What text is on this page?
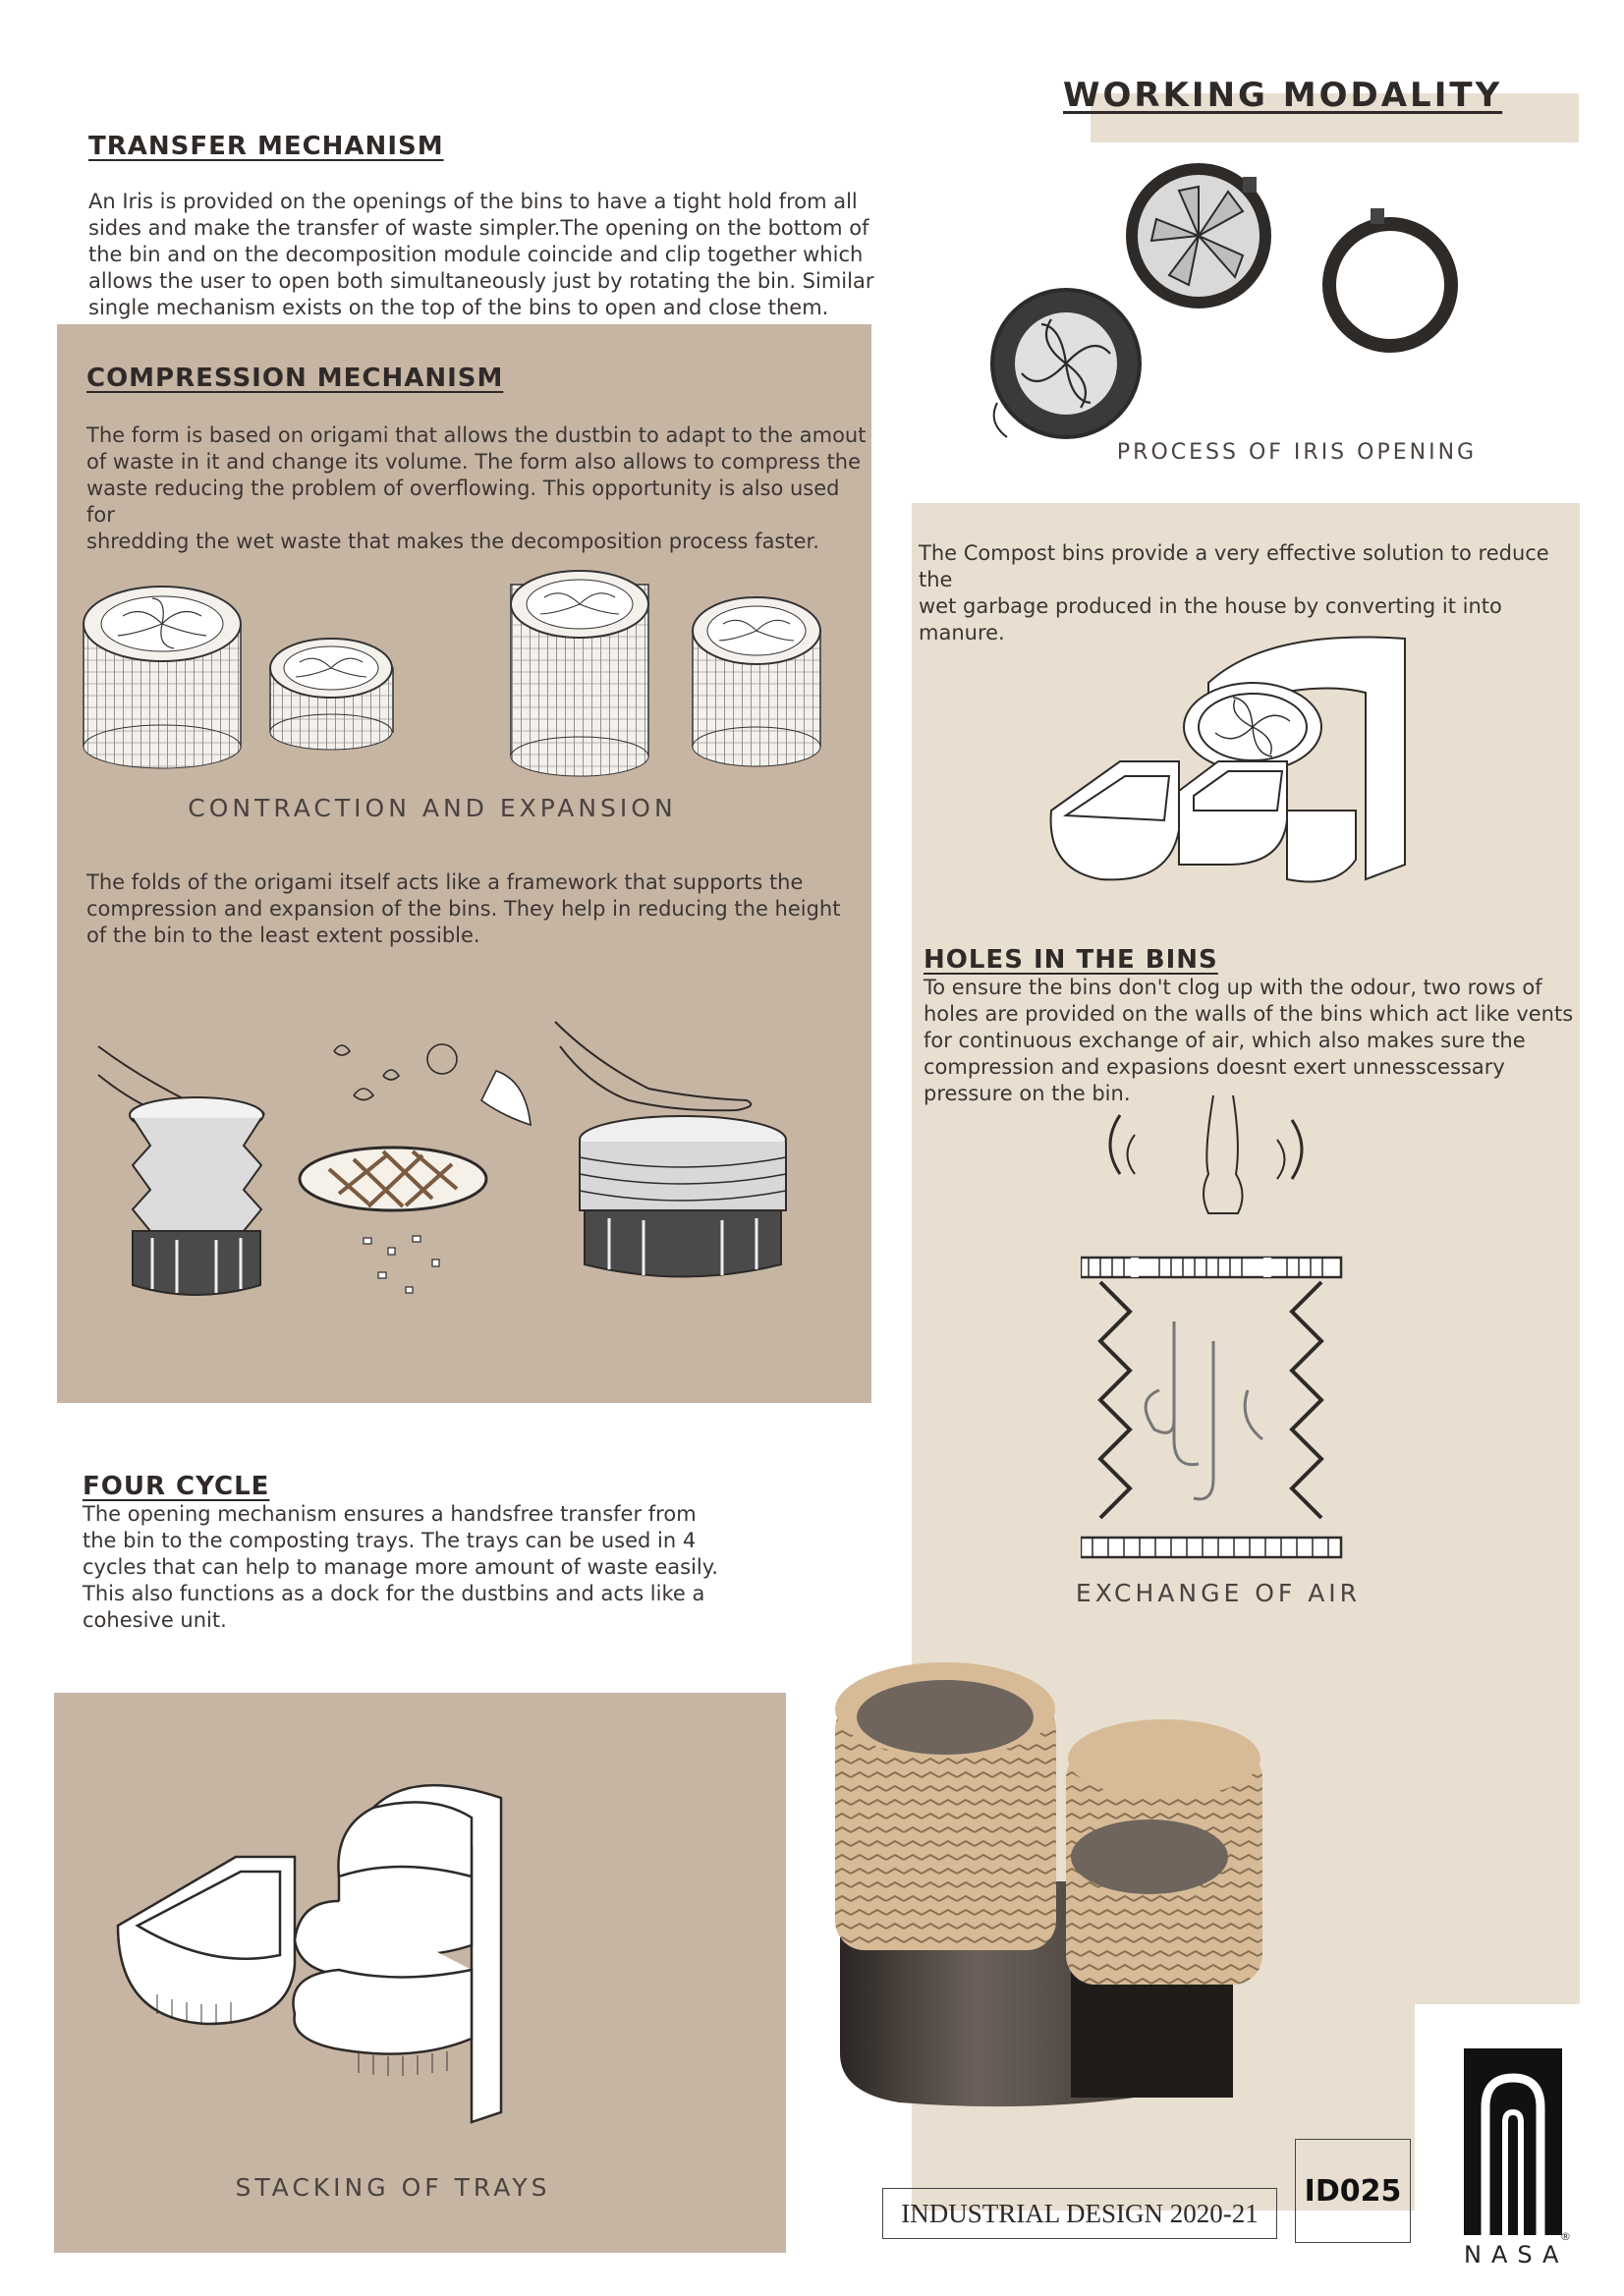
WORKING MODALITY
TRANSFER MECHANISM
An Iris is provided on the openings of the bins to have a tight hold from all
sides and make the transfer of waste simpler.The opening on the bottom of
the bin and on the decomposition module coincide and clip together which
allows the user to open both simultaneously just by rotating the bin. Similar
single mechanism exists on the top of the bins to open and close them.
COMPRESSION MECHANISM
The form is based on origami that allows the dustbin to adapt to the amout
of waste in it and change its volume. The form also allows to compress the
waste reducing the problem of overflowing. This opportunity is also used for
shredding the wet waste that makes the decomposition process faster.
CONTRACTION AND EXPANSION
The folds of the origami itself acts like a framework that supports the
compression and expansion of the bins. They help in reducing the height
of the bin to the least extent possible.
PROCESS OF IRIS OPENING
The Compost bins provide a very effective solution to reduce the
wet garbage produced in the house by converting it into manure.
HOLES IN THE BINS
To ensure the bins don't clog up with the odour, two rows of
holes are provided on the walls of the bins which act like vents
for continuous exchange of air, which also makes sure the
compression and expasions doesnt exert unnesscessary
pressure on the bin.
EXCHANGE OF AIR
FOUR CYCLE
The opening mechanism ensures a handsfree transfer from
the bin to the composting trays. The trays can be used in 4
cycles that can help to manage more amount of waste easily.
This also functions as a dock for the dustbins and acts like a
cohesive unit.
STACKING OF TRAYS
INDUSTRIAL DESIGN 2020-21
ID025
NASA
®
